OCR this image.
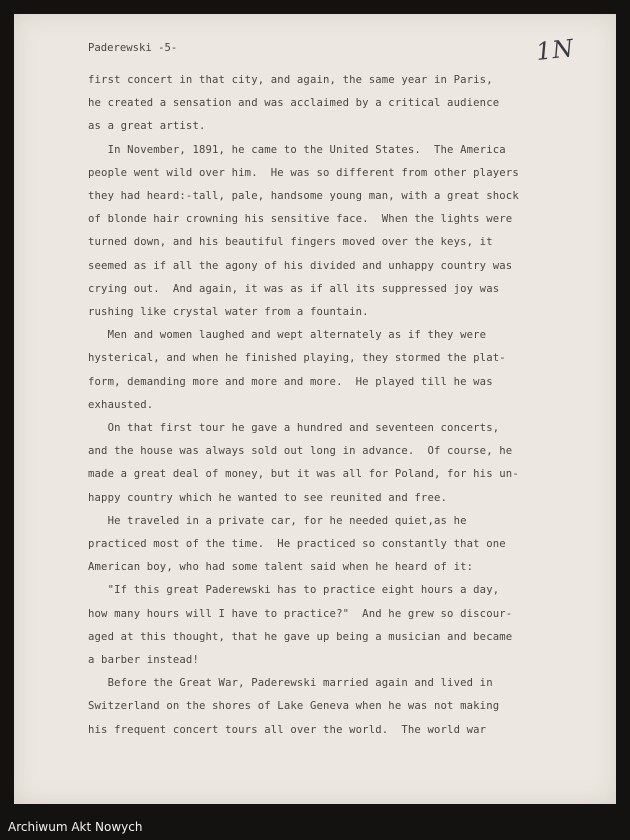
Paderewski -5-	1N
first concert in that city, and again, the same year in Paris,
he created a sensation and was acclaimed by a critical audience
as a great artist.
In November, 1891, he came to the United States.  The America
people went wild over him.  He was so different from other players
they had heard:-tall, pale, handsome young man, with a great shock
of blonde hair crowning his sensitive face.  When the lights were
turned down, and his beautiful fingers moved over the keys, it
seemed as if all the agony of his divided and unhappy country was
crying out.  And again, it was as if all its suppressed joy was
rushing like crystal water from a fountain.
Men and women laughed and wept alternately as if they were
hysterical, and when he finished playing, they stormed the plat-
form, demanding more and more and more.  He played till he was
exhausted.
On that first tour he gave a hundred and seventeen concerts,
and the house was always sold out long in advance.  Of course, he
made a great deal of money, but it was all for Poland, for his un-
happy country which he wanted to see reunited and free.
He traveled in a private car, for he needed quiet,as he
practiced most of the time.  He practiced so constantly that one
American boy, who had some talent said when he heard of it:
"If this great Paderewski has to practice eight hours a day,
how many hours will I have to practice?"  And he grew so discour-
aged at this thought, that he gave up being a musician and became
a barber instead!
Before the Great War, Paderewski married again and lived in
Switzerland on the shores of Lake Geneva when he was not making
his frequent concert tours all over the world.  The world war
Archiwum Akt Nowych
